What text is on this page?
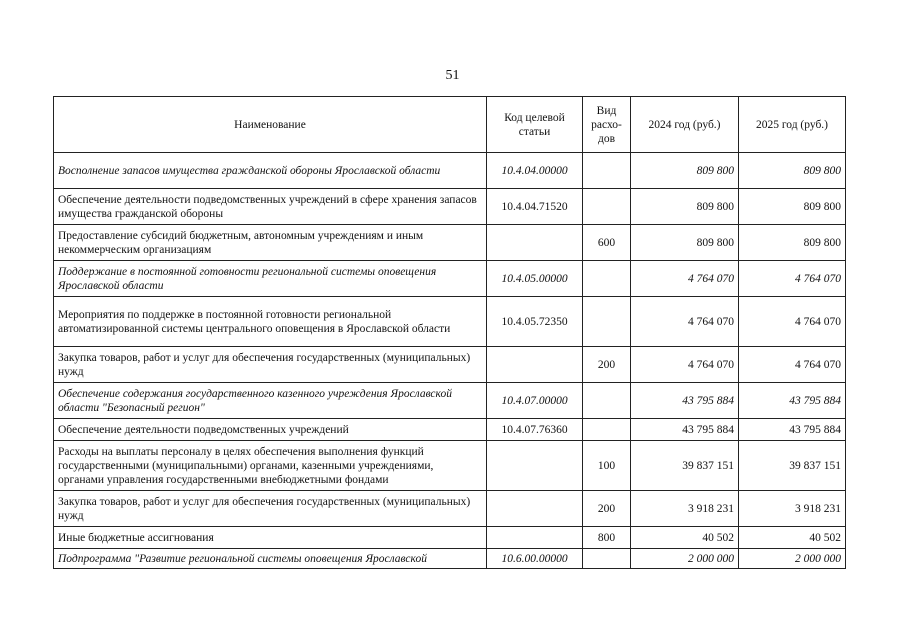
51
Наименование	Код целевой статьи	Вид расхо-дов	2024 год (руб.)	2025 год (руб.)
Восполнение запасов имущества гражданской обороны Ярославской области	10.4.04.00000		809 800	809 800
Обеспечение деятельности подведомственных учреждений в сфере хранения запасов имущества гражданской обороны	10.4.04.71520		809 800	809 800
Предоставление субсидий бюджетным, автономным учреждениям и иным некоммерческим организациям		600	809 800	809 800
Поддержание в постоянной готовности региональной системы оповещения Ярославской области	10.4.05.00000		4 764 070	4 764 070
Мероприятия по поддержке в постоянной готовности региональной автоматизированной системы центрального оповещения в Ярославской области	10.4.05.72350		4 764 070	4 764 070
Закупка товаров, работ и услуг для обеспечения государственных (муниципальных) нужд		200	4 764 070	4 764 070
Обеспечение содержания государственного казенного учреждения Ярославской области "Безопасный регион"	10.4.07.00000		43 795 884	43 795 884
Обеспечение деятельности подведомственных учреждений	10.4.07.76360		43 795 884	43 795 884
Расходы на выплаты персоналу в целях обеспечения выполнения функций государственными (муниципальными) органами, казенными учреждениями, органами управления государственными внебюджетными фондами		100	39 837 151	39 837 151
Закупка товаров, работ и услуг для обеспечения государственных (муниципальных) нужд		200	3 918 231	3 918 231
Иные бюджетные ассигнования		800	40 502	40 502
Подпрограмма "Развитие региональной системы оповещения Ярославской	10.6.00.00000		2 000 000	2 000 000
